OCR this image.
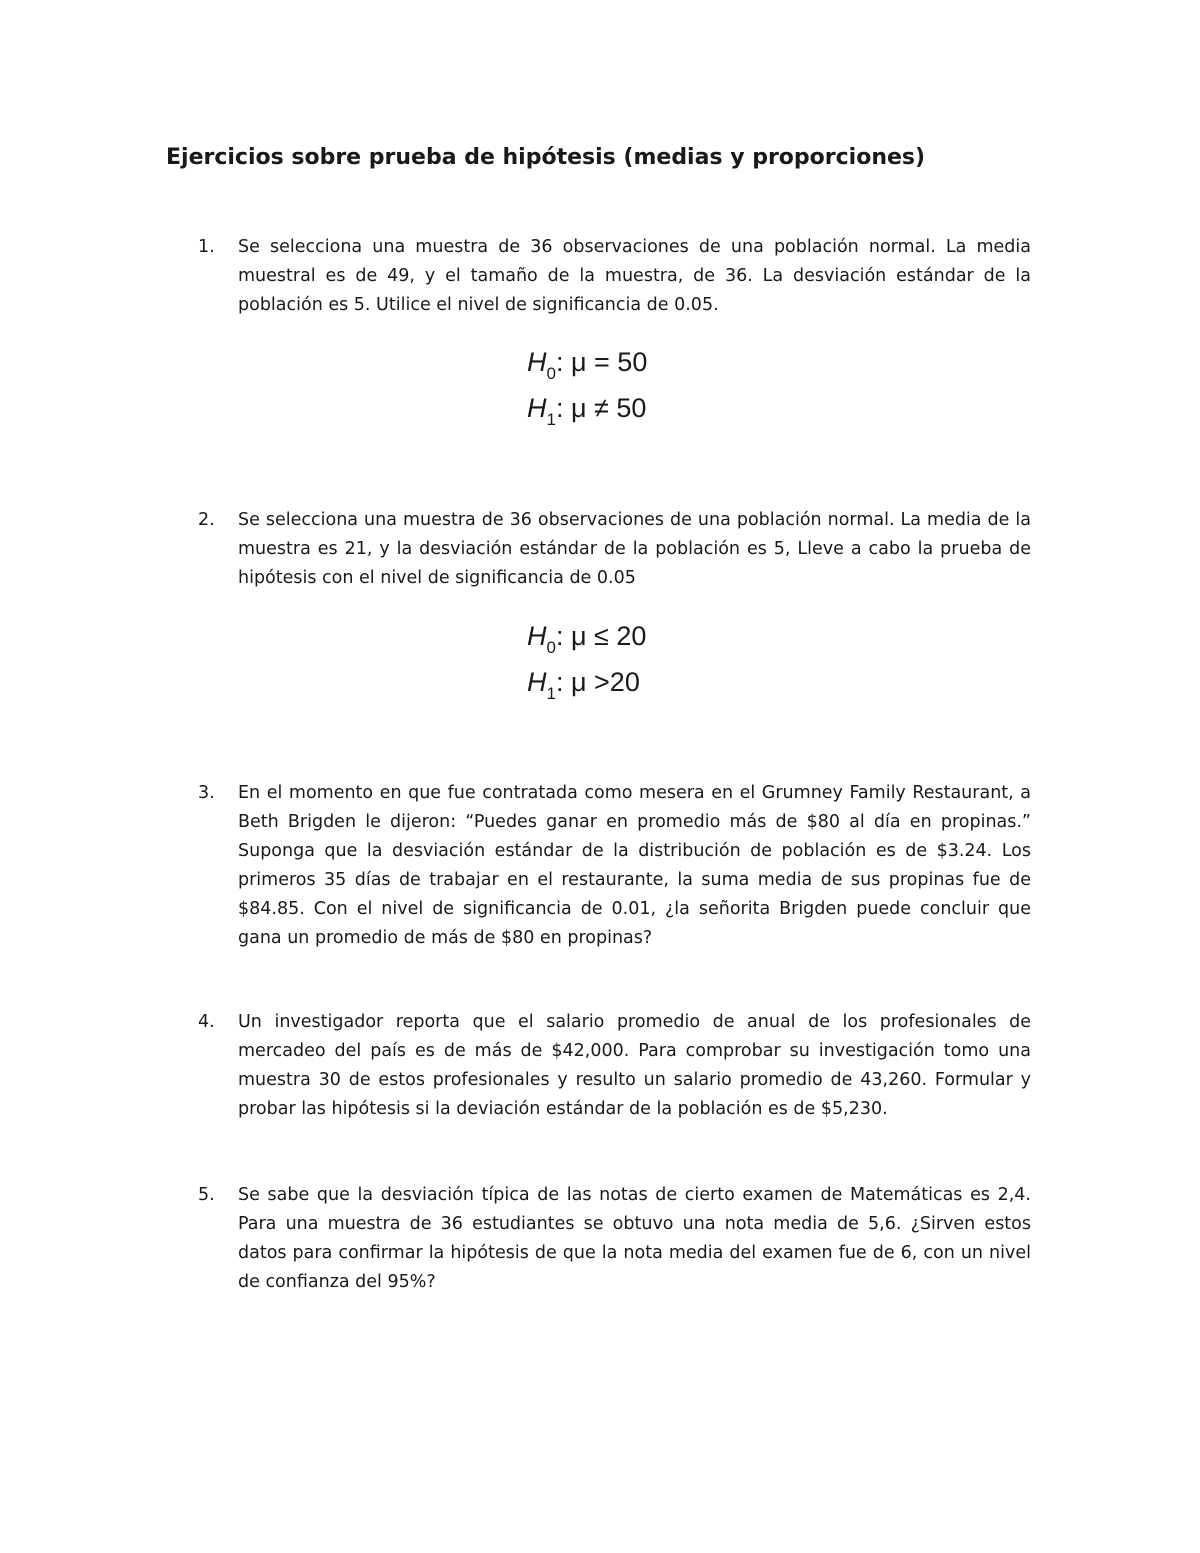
Ejercicios sobre prueba de hipótesis (medias y proporciones)
1. Se selecciona una muestra de 36 observaciones de una población normal. La media muestral es de 49, y el tamaño de la muestra, de 36. La desviación estándar de la población es 5. Utilice el nivel de significancia de 0.05.

$H_0$: μ = 50
$H_1$: μ ≠ 50
2. Se selecciona una muestra de 36 observaciones de una población normal. La media de la muestra es 21, y la desviación estándar de la población es 5, Lleve a cabo la prueba de hipótesis con el nivel de significancia de 0.05

$H_0$: μ ≤ 20
$H_1$: μ >20
3. En el momento en que fue contratada como mesera en el Grumney Family Restaurant, a Beth Brigden le dijeron: “Puedes ganar en promedio más de $80 al día en propinas.” Suponga que la desviación estándar de la distribución de población es de $3.24. Los primeros 35 días de trabajar en el restaurante, la suma media de sus propinas fue de $84.85. Con el nivel de significancia de 0.01, ¿la señorita Brigden puede concluir que gana un promedio de más de $80 en propinas?

4. Un investigador reporta que el salario promedio de anual de los profesionales de mercadeo del país es de más de $42,000. Para comprobar su investigación tomo una muestra 30 de estos profesionales y resulto un salario promedio de 43,260. Formular y probar las hipótesis si la deviación estándar de la población es de $5,230.

5. Se sabe que la desviación típica de las notas de cierto examen de Matemáticas es 2,4. Para una muestra de 36 estudiantes se obtuvo una nota media de 5,6. ¿Sirven estos datos para confirmar la hipótesis de que la nota media del examen fue de 6, con un nivel de confianza del 95%?
